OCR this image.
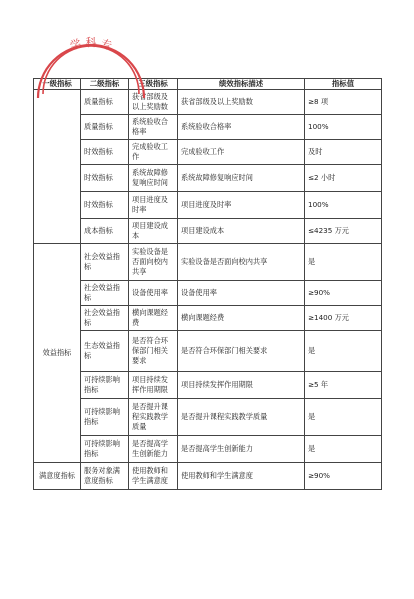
一级指标	二级指标	三级指标	绩效指标描述	指标值
	质量指标	获省部级及以上奖励数	获省部级及以上奖励数	≥8 项
	质量指标	系统验收合格率	系统验收合格率	100%
	时效指标	完成验收工作	完成验收工作	及时
	时效指标	系统故障修复响应时间	系统故障修复响应时间	≤2 小时
	时效指标	项目进度及时率	项目进度及时率	100%
	成本指标	项目建设成本	项目建设成本	≤4235 万元
效益指标	社会效益指标	实验设备是否面向校内共享	实验设备是否面向校内共享	是
	社会效益指标	设备使用率	设备使用率	≥90%
	社会效益指标	横向课题经费	横向课题经费	≥1400 万元
	生态效益指标	是否符合环保部门相关要求	是否符合环保部门相关要求	是
	可持续影响指标	项目持续发挥作用期限	项目持续发挥作用期限	≥5 年
	可持续影响指标	是否提升课程实践教学质量	是否提升课程实践教学质量	是
	可持续影响指标	是否提高学生创新能力	是否提高学生创新能力	是
满意度指标	服务对象满意度指标	使用教师和学生满意度	使用教师和学生满意度	≥90%
学 科 专
